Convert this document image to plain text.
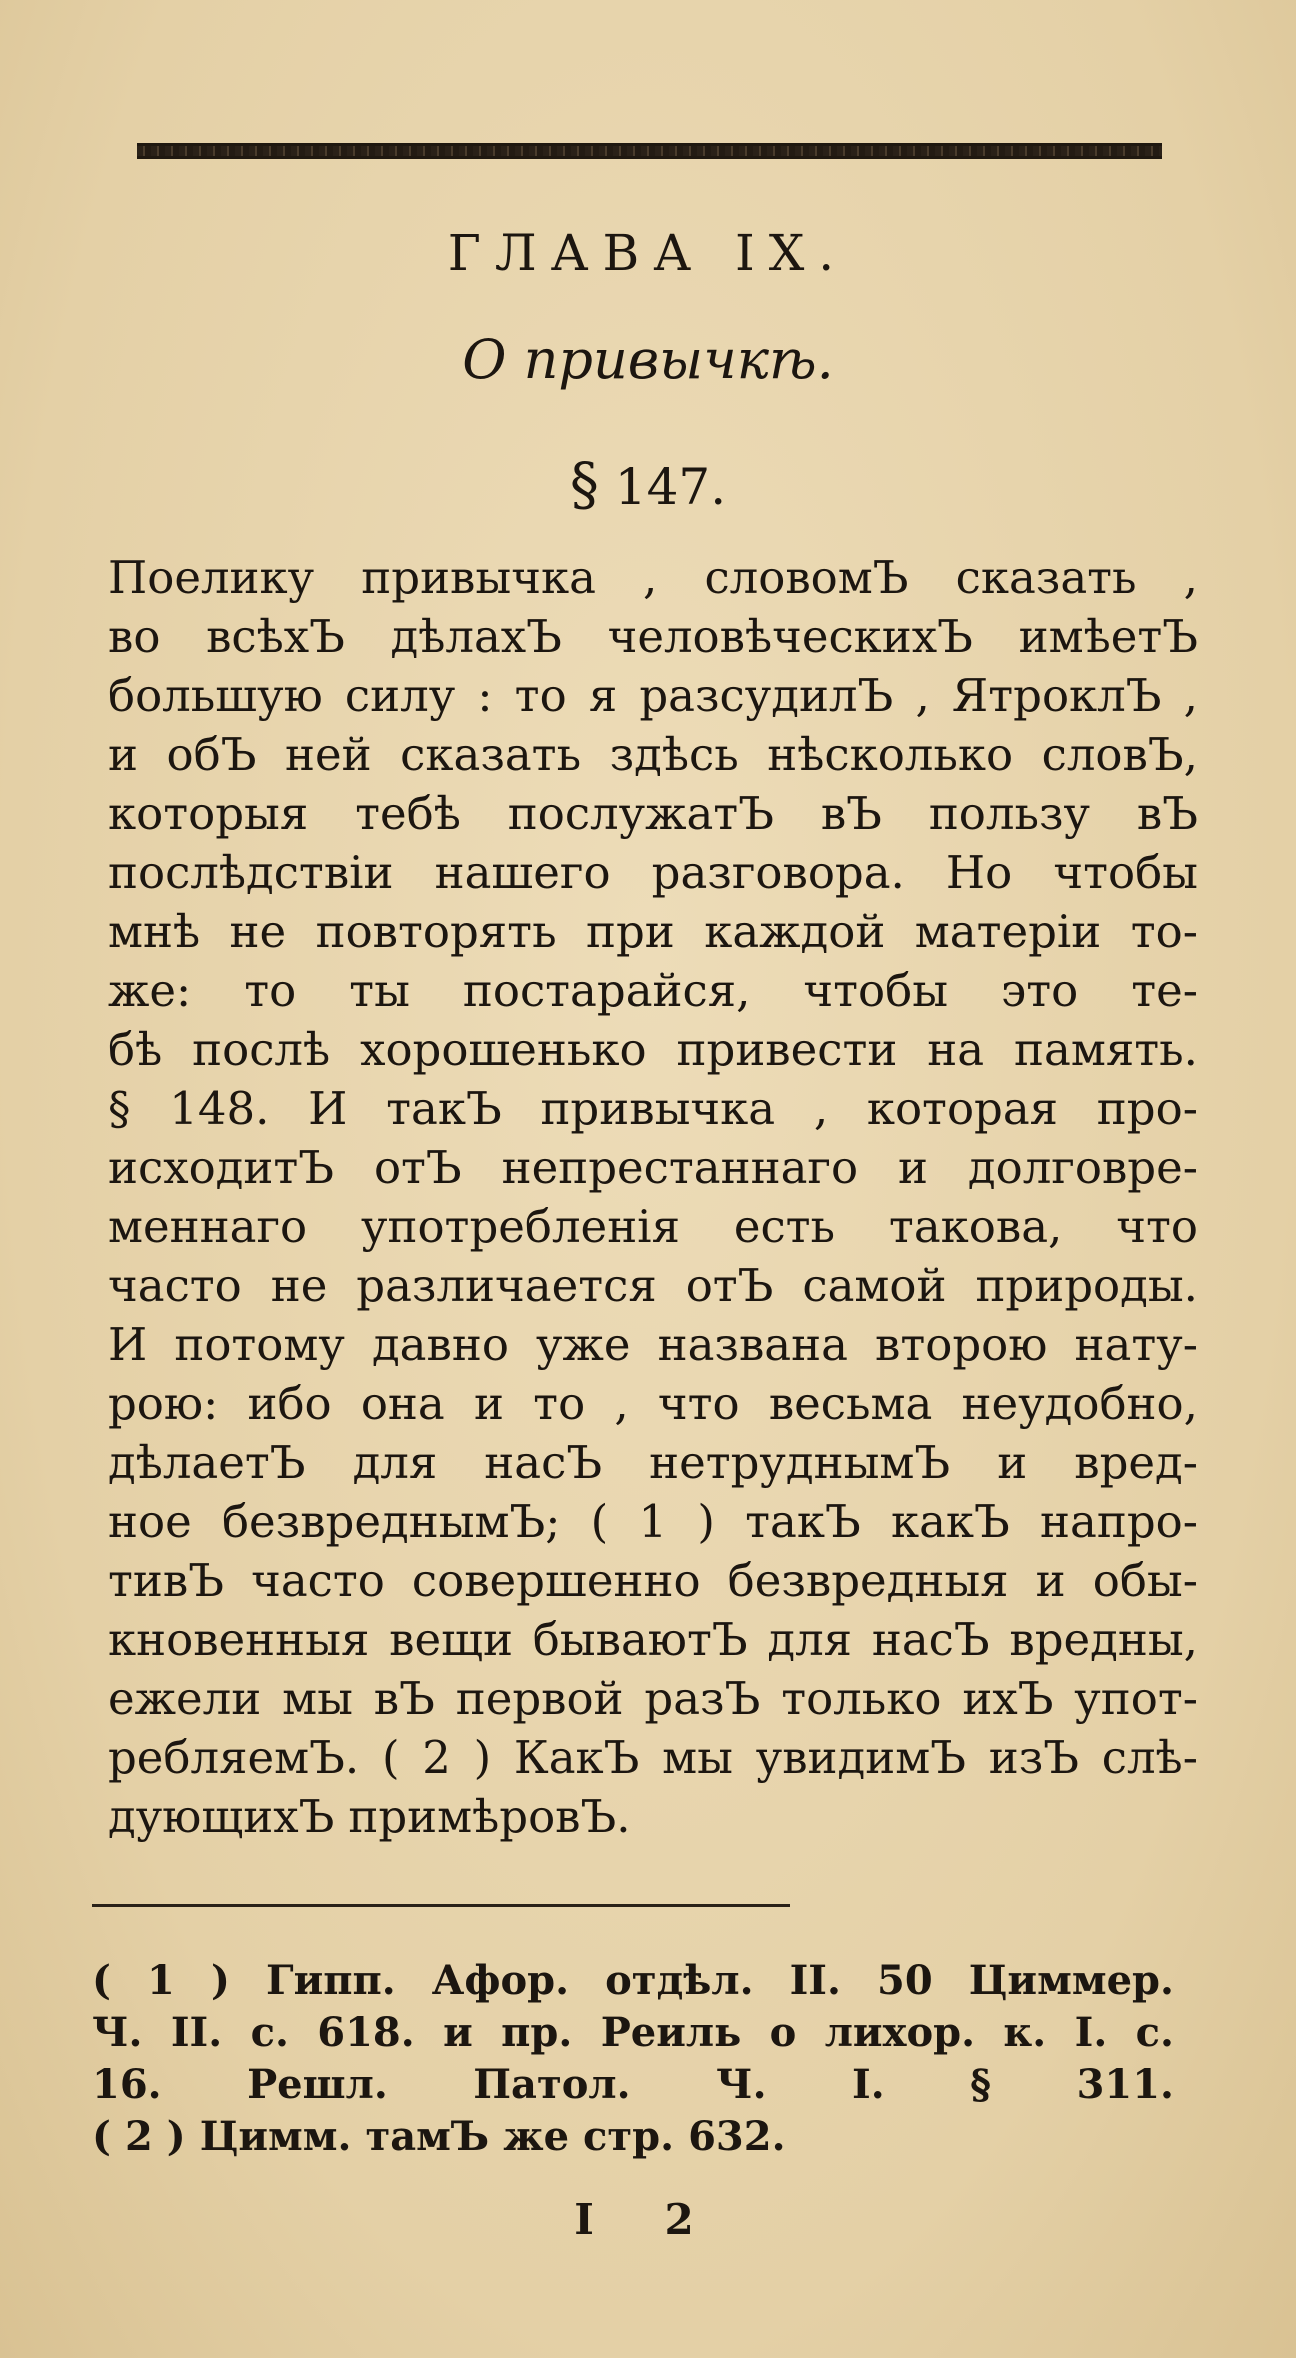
ГЛАВА IX.
О привычкѣ.
§ 147.
Поелику привычка , словомЪ сказать ,
во всѣхЪ дѣлахЪ человѣческихЪ имѣетЪ
большую силу : то я разсудилЪ , ЯтроклЪ ,
и обЪ ней сказать здѣсь нѣсколько словЪ,
которыя тебѣ послужатЪ вЪ пользу вЪ
послѣдствіи нашего разговора. Но чтобы
мнѣ не повторять при каждой матеріи то-
же: то ты постарайся, чтобы это те-
бѣ послѣ хорошенько привести на память.
§ 148. И такЪ привычка , которая про-
исходитЪ отЪ непрестаннаго и долговре-
меннаго употребленія есть такова, что
часто не различается отЪ самой природы.
И потому давно уже названа второю нату-
рою: ибо она и то , что весьма неудобно,
дѣлаетЪ для насЪ нетруднымЪ и вред-
ное безвреднымЪ; ( 1 ) такЪ какЪ напро-
тивЪ часто совершенно безвредныя и обы-
кновенныя вещи бываютЪ для насЪ вредны,
ежели мы вЪ первой разЪ только ихЪ упот-
ребляемЪ. ( 2 ) КакЪ мы увидимЪ изЪ слѣ-
дующихЪ примѣровЪ.
( 1 ) Гипп. Афор. отдѣл. II. 50 Циммер.
Ч. II. с. 618. и пр. Реиль о лихор. к. I. с.
16. Решл. Патол. Ч. I. § 311.
( 2 ) Цимм. тамЪ же стр. 632.
I 2
